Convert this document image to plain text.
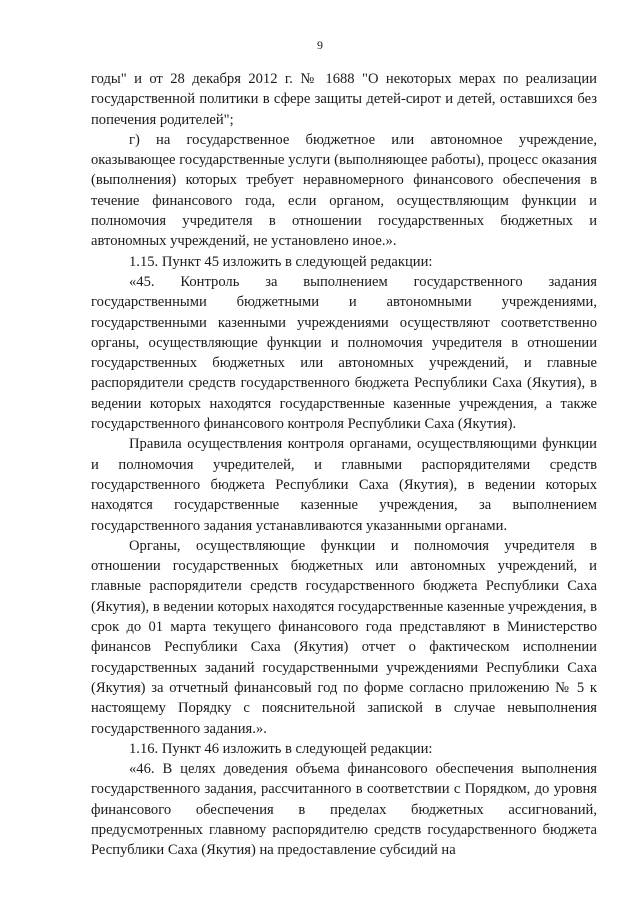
9

годы" и от 28 декабря 2012 г. № 1688 "О некоторых мерах по реализации государственной политики в сфере защиты детей-сирот и детей, оставшихся без попечения родителей";

г) на государственное бюджетное или автономное учреждение, оказывающее государственные услуги (выполняющее работы), процесс оказания (выполнения) которых требует неравномерного финансового обеспечения в течение финансового года, если органом, осуществляющим функции и полномочия учредителя в отношении государственных бюджетных и автономных учреждений, не установлено иное.».

1.15. Пункт 45 изложить в следующей редакции:

«45. Контроль за выполнением государственного задания государственными бюджетными и автономными учреждениями, государственными казенными учреждениями осуществляют соответственно органы, осуществляющие функции и полномочия учредителя в отношении государственных бюджетных или автономных учреждений, и главные распорядители средств государственного бюджета Республики Саха (Якутия), в ведении которых находятся государственные казенные учреждения, а также государственного финансового контроля Республики Саха (Якутия).

Правила осуществления контроля органами, осуществляющими функции и полномочия учредителей, и главными распорядителями средств государственного бюджета Республики Саха (Якутия), в ведении которых находятся государственные казенные учреждения, за выполнением государственного задания устанавливаются указанными органами.

Органы, осуществляющие функции и полномочия учредителя в отношении государственных бюджетных или автономных учреждений, и главные распорядители средств государственного бюджета Республики Саха (Якутия), в ведении которых находятся государственные казенные учреждения, в срок до 01 марта текущего финансового года представляют в Министерство финансов Республики Саха (Якутия) отчет о фактическом исполнении государственных заданий государственными учреждениями Республики Саха (Якутия) за отчетный финансовый год по форме согласно приложению № 5 к настоящему Порядку с пояснительной запиской в случае невыполнения государственного задания.».

1.16. Пункт 46 изложить в следующей редакции:

«46. В целях доведения объема финансового обеспечения выполнения государственного задания, рассчитанного в соответствии с Порядком, до уровня финансового обеспечения в пределах бюджетных ассигнований, предусмотренных главному распорядителю средств государственного бюджета Республики Саха (Якутия) на предоставление субсидий на
